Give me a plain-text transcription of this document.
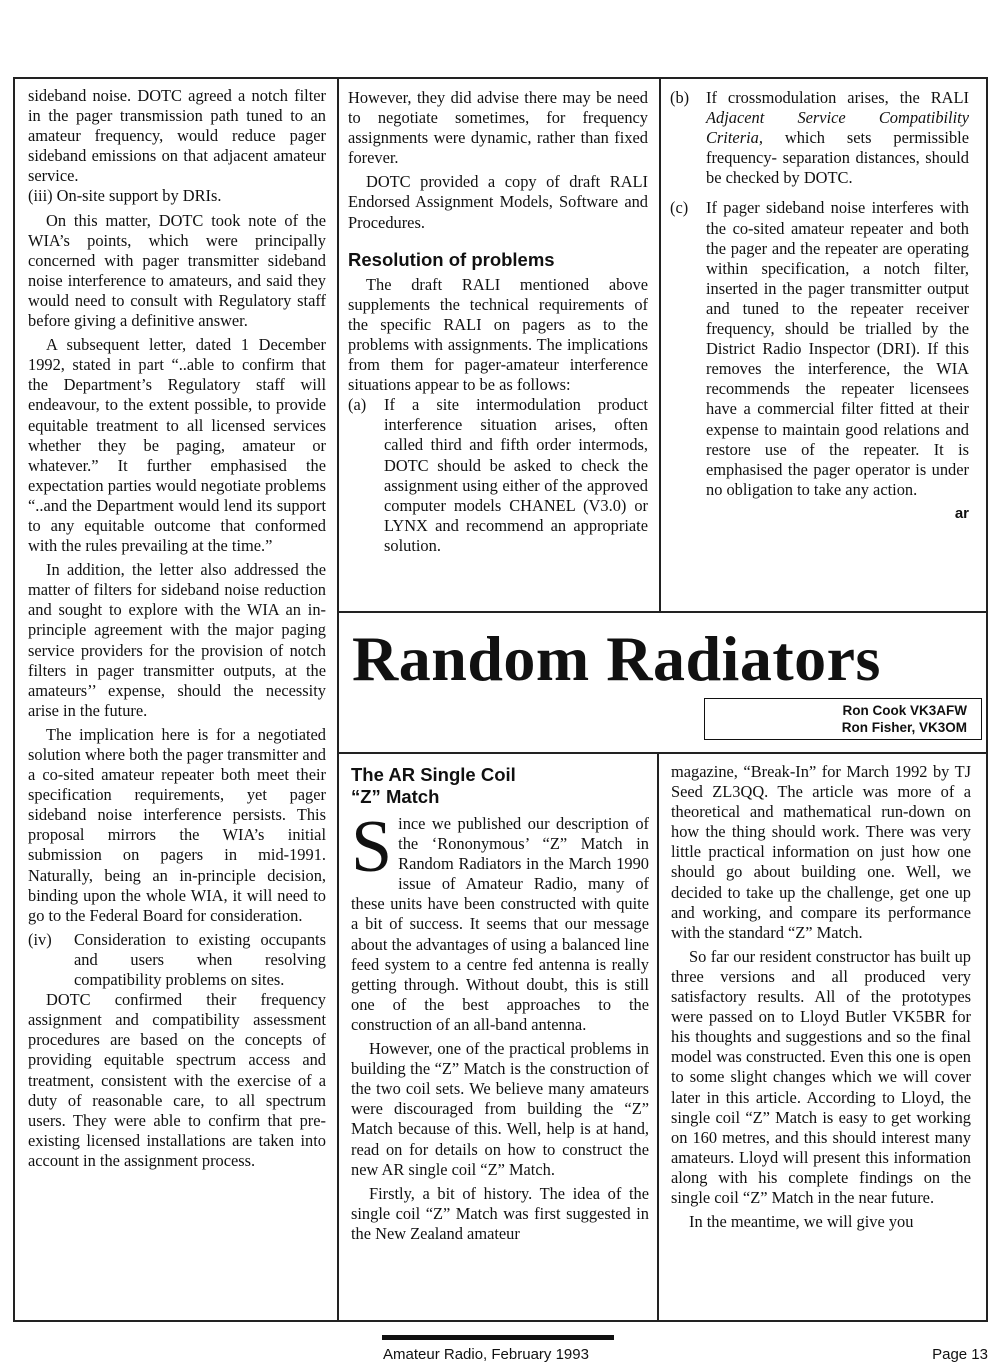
sideband noise. DOTC agreed a notch filter in the pager transmission path tuned to an amateur frequency, would reduce pager sideband emissions on that adjacent amateur service.

(iii) On-site support by DRIs.

On this matter, DOTC took note of the WIA’s points, which were principally concerned with pager transmitter sideband noise interference to amateurs, and said they would need to consult with Regulatory staff before giving a definitive answer.

A subsequent letter, dated 1 December 1992, stated in part “..able to confirm that the Department’s Regulatory staff will endeavour, to the extent possible, to provide equitable treatment to all licensed services whether they be paging, amateur or whatever.” It further emphasised the expectation parties would negotiate problems “..and the Department would lend its support to any equitable outcome that conformed with the rules prevailing at the time.”

In addition, the letter also addressed the matter of filters for sideband noise reduction and sought to explore with the WIA an in-principle agreement with the major paging service providers for the provision of notch filters in pager transmitter outputs, at the amateurs’’ expense, should the necessity arise in the future.

The implication here is for a negotiated solution where both the pager transmitter and a co-sited amateur repeater both meet their specification requirements, yet pager sideband noise interference persists. This proposal mirrors the WIA’s initial submission on pagers in mid-1991. Naturally, being an in-principle decision, binding upon the whole WIA, it will need to go to the Federal Board for consideration.

(iv)	Consideration to existing occupants and users when resolving compatibility problems on sites.

DOTC confirmed their frequency assignment and compatibility assessment procedures are based on the concepts of providing equitable spectrum access and treatment, consistent with the exercise of a duty of reasonable care, to all spectrum users. They were able to confirm that pre-existing licensed installations are taken into account in the assignment process.

However, they did advise there may be need to negotiate sometimes, for frequency assignments were dynamic, rather than fixed forever.

DOTC provided a copy of draft RALI Endorsed Assignment Models, Software and Procedures.

Resolution of problems

The draft RALI mentioned above supplements the technical requirements of the specific RALI on pagers as to the problems with assignments. The implications from them for pager-amateur interference situations appear to be as follows:

(a)	If a site intermodulation product interference situation arises, often called third and fifth order intermods, DOTC should be asked to check the assignment using either of the approved computer models CHANEL (V3.0) or LYNX and recommend an appropriate solution.
(b)	If crossmodulation arises, the RALI Adjacent Service Compatibility Criteria, which sets permissible frequency- separation distances, should be checked by DOTC.
(c)	If pager sideband noise interferes with the co-sited amateur repeater and both the pager and the repeater are operating within specification, a notch filter, inserted in the pager transmitter output and tuned to the repeater receiver frequency, should be trialled by the District Radio Inspector (DRI). If this removes the interference, the WIA recommends the repeater licensees have a commercial filter fitted at their expense to maintain good relations and restore use of the repeater. It is emphasised the pager operator is under no obligation to take any action.
ar
Random Radiators
Ron Cook VK3AFW
Ron Fisher, VK3OM
The AR Single Coil
“Z” Match

Since we published our description of the ‘Rononymous’ “Z” Match in Random Radiators in the March 1990 issue of Amateur Radio, many of these units have been constructed with quite a bit of success. It seems that our message about the advantages of using a balanced line feed system to a centre fed antenna is really getting through. Without doubt, this is still one of the best approaches to the construction of an all-band antenna.

However, one of the practical problems in building the “Z” Match is the construction of the two coil sets. We believe many amateurs were discouraged from building the “Z” Match because of this. Well, help is at hand, read on for details on how to construct the new AR single coil “Z” Match.

Firstly, a bit of history. The idea of the single coil “Z” Match was first suggested in the New Zealand amateur

magazine, “Break-In” for March 1992 by TJ Seed ZL3QQ. The article was more of a theoretical and mathematical run-down on how the thing should work. There was very little practical information on just how one should go about building one. Well, we decided to take up the challenge, get one up and working, and compare its performance with the standard “Z” Match.

So far our resident constructor has built up three versions and all produced very satisfactory results. All of the prototypes were passed on to Lloyd Butler VK5BR for his thoughts and suggestions and so the final model was constructed. Even this one is open to some slight changes which we will cover later in this article. According to Lloyd, the single coil “Z” Match is easy to get working on 160 metres, and this should interest many amateurs. Lloyd will present this information along with his complete findings on the single coil “Z” Match in the near future.

In the meantime, we will give you

Amateur Radio, February 1993	Page 13
